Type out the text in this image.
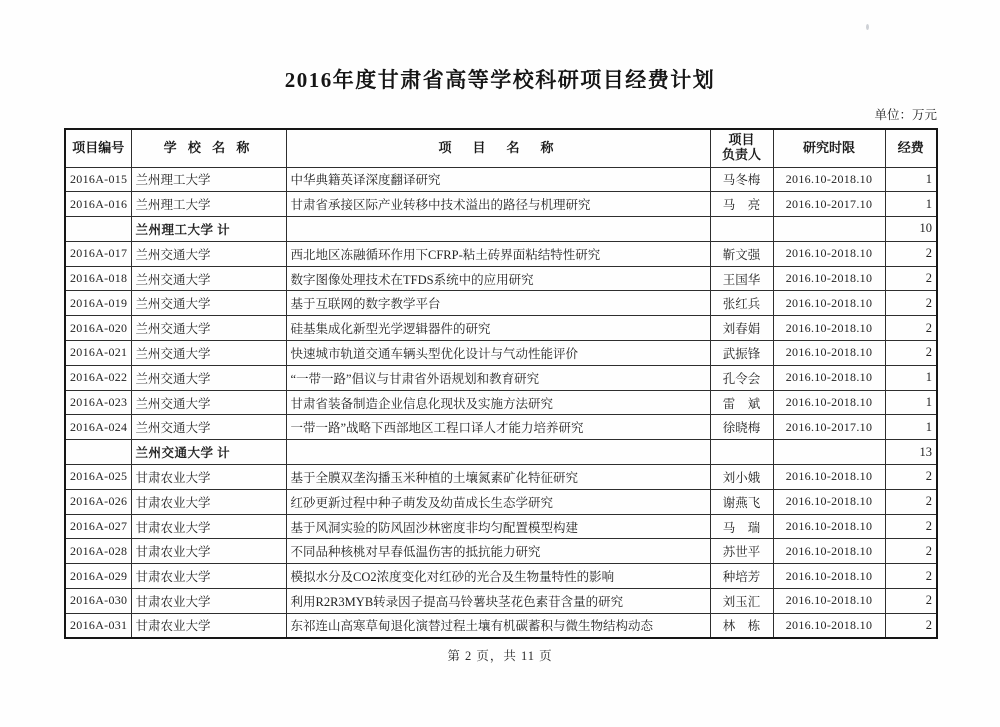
2016年度甘肃省高等学校科研项目经费计划
单位：万元
项目编号	学 校 名 称	项　目　名　称	项目
负责人	研究时限	经费
2016A-015	兰州理工大学	中华典籍英译深度翻译研究	马冬梅	2016.10-2018.10	1
2016A-016	兰州理工大学	甘肃省承接区际产业转移中技术溢出的路径与机理研究	马　亮	2016.10-2017.10	1
	兰州理工大学 计				10
2016A-017	兰州交通大学	西北地区冻融循环作用下CFRP-粘土砖界面粘结特性研究	靳文强	2016.10-2018.10	2
2016A-018	兰州交通大学	数字图像处理技术在TFDS系统中的应用研究	王国华	2016.10-2018.10	2
2016A-019	兰州交通大学	基于互联网的数字教学平台	张红兵	2016.10-2018.10	2
2016A-020	兰州交通大学	硅基集成化新型光学逻辑器件的研究	刘春娟	2016.10-2018.10	2
2016A-021	兰州交通大学	快速城市轨道交通车辆头型优化设计与气动性能评价	武振锋	2016.10-2018.10	2
2016A-022	兰州交通大学	“一带一路”倡议与甘肃省外语规划和教育研究	孔令会	2016.10-2018.10	1
2016A-023	兰州交通大学	甘肃省装备制造企业信息化现状及实施方法研究	雷　斌	2016.10-2018.10	1
2016A-024	兰州交通大学	一带一路”战略下西部地区工程口译人才能力培养研究	徐晓梅	2016.10-2017.10	1
	兰州交通大学 计				13
2016A-025	甘肃农业大学	基于全膜双垄沟播玉米种植的土壤氮素矿化特征研究	刘小娥	2016.10-2018.10	2
2016A-026	甘肃农业大学	红砂更新过程中种子萌发及幼苗成长生态学研究	谢燕飞	2016.10-2018.10	2
2016A-027	甘肃农业大学	基于风洞实验的防风固沙林密度非均匀配置模型构建	马　瑞	2016.10-2018.10	2
2016A-028	甘肃农业大学	不同品种核桃对早春低温伤害的抵抗能力研究	苏世平	2016.10-2018.10	2
2016A-029	甘肃农业大学	模拟水分及CO2浓度变化对红砂的光合及生物量特性的影响	种培芳	2016.10-2018.10	2
2016A-030	甘肃农业大学	利用R2R3MYB转录因子提高马铃薯块茎花色素苷含量的研究	刘玉汇	2016.10-2018.10	2
2016A-031	甘肃农业大学	东祁连山高寒草甸退化演替过程土壤有机碳蓄积与微生物结构动态	林　栋	2016.10-2018.10	2
第 2 页，共 11 页
